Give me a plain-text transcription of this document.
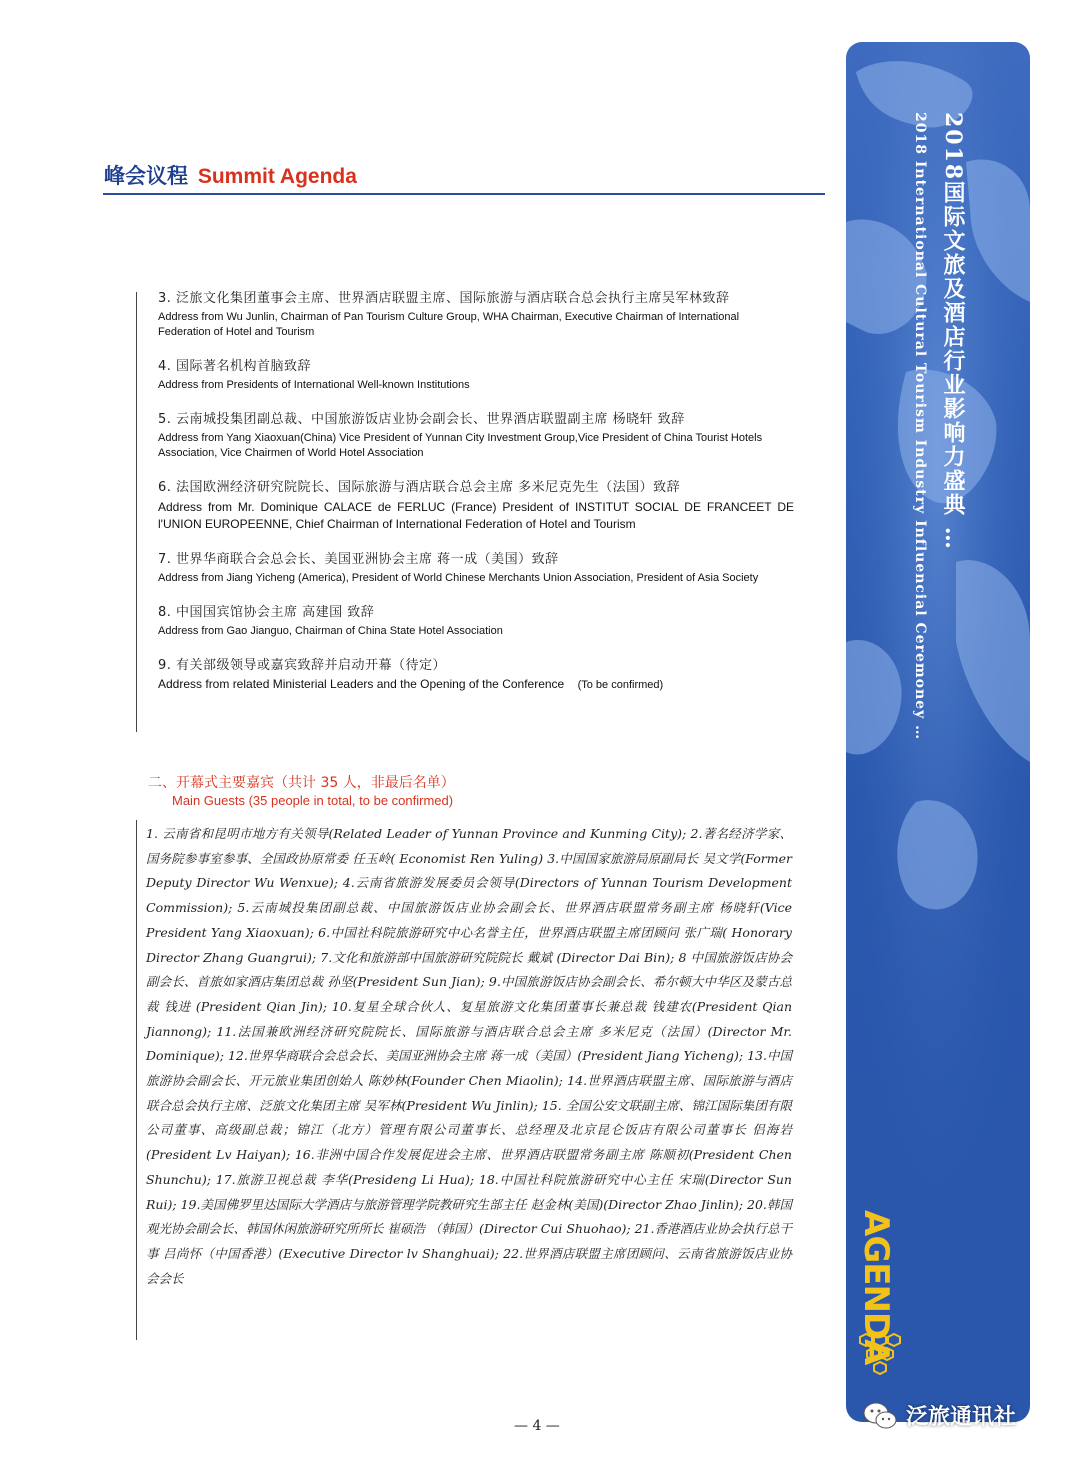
峰会议程 Summit Agenda
3. 泛旅文化集团董事会主席、世界酒店联盟主席、国际旅游与酒店联合总会执行主席吴军林致辞
Address from Wu Junlin, Chairman of Pan Tourism Culture Group, WHA Chairman, Executive Chairman of International Federation of Hotel and Tourism
4. 国际著名机构首脑致辞
Address from Presidents of International Well-known Institutions
5. 云南城投集团副总裁、中国旅游饭店业协会副会长、世界酒店联盟副主席 杨晓轩 致辞
Address from Yang Xiaoxuan(China) Vice President of Yunnan City Investment Group,Vice President of China Tourist Hotels Association, Vice Chairmen of World Hotel Association
6. 法国欧洲经济研究院院长、国际旅游与酒店联合总会主席 多米尼克先生（法国）致辞
Address from Mr. Dominique CALACE de FERLUC (France) President of INSTITUT SOCIAL DE FRANCEET DE l'UNION EUROPEENNE, Chief Chairman of International Federation of Hotel and Tourism
7. 世界华商联合会总会长、美国亚洲协会主席 蒋一成（美国）致辞
Address from Jiang Yicheng (America), President of World Chinese Merchants Union Association, President of Asia Society
8. 中国国宾馆协会主席 高建国 致辞
Address from Gao Jianguo, Chairman of China State Hotel Association
9. 有关部级领导或嘉宾致辞并启动开幕（待定）
Address from related Ministerial Leaders and the Opening of the Conference (To be confirmed)
二、开幕式主要嘉宾（共计 35 人，非最后名单）
Main Guests (35 people in total, to be confirmed)
1. 云南省和昆明市地方有关领导(Related Leader of Yunnan Province and Kunming City); 2.著名经济学家、国务院参事室参事、全国政协原常委 任玉岭( Economist Ren Yuling) 3.中国国家旅游局原副局长 吴文学(Former Deputy Director Wu Wenxue); 4.云南省旅游发展委员会领导(Directors of Yunnan Tourism Development Commission); 5.云南城投集团副总裁、中国旅游饭店业协会副会长、世界酒店联盟常务副主席 杨晓轩(Vice President Yang Xiaoxuan); 6.中国社科院旅游研究中心名誉主任，世界酒店联盟主席团顾问 张广瑞( Honorary Director Zhang Guangrui); 7.文化和旅游部中国旅游研究院院长 戴斌 (Director Dai Bin); 8 中国旅游饭店协会副会长、首旅如家酒店集团总裁 孙坚(President Sun Jian); 9.中国旅游饭店协会副会长、希尔顿大中华区及蒙古总裁 钱进 (President Qian Jin); 10.复星全球合伙人、复星旅游文化集团董事长兼总裁 钱建农(President Qian Jiannong); 11.法国兼欧洲经济研究院院长、国际旅游与酒店联合总会主席 多米尼克（法国）(Director Mr. Dominique); 12.世界华商联合会总会长、美国亚洲协会主席 蒋一成（美国）(President Jiang Yicheng); 13.中国旅游协会副会长、开元旅业集团创始人 陈妙林(Founder Chen Miaolin); 14.世界酒店联盟主席、国际旅游与酒店联合总会执行主席、泛旅文化集团主席 吴军林(President Wu Jinlin); 15. 全国公安文联副主席、锦江国际集团有限公司董事、高级副总裁；锦江（北方）管理有限公司董事长、总经理及北京昆仑饭店有限公司董事长 侣海岩 (President Lv Haiyan); 16.非洲中国合作发展促进会主席、世界酒店联盟常务副主席 陈顺初(President Chen Shunchu); 17.旅游卫视总裁 李华(Presideng Li Hua); 18.中国社科院旅游研究中心主任 宋瑞(Director Sun Rui); 19.美国佛罗里达国际大学酒店与旅游管理学院教研究生部主任 赵金林(美国)(Director Zhao Jinlin); 20.韩国观光协会副会长、韩国休闲旅游研究所所长 崔硕浩 （韩国）(Director Cui Shuohao); 21.香港酒店业协会执行总干事 吕尚怀（中国香港）(Executive Director lv Shanghuai); 22.世界酒店联盟主席团顾问、云南省旅游饭店业协会会长
— 4 —
2018国际文旅及酒店行业影响力盛典 …
2018 International Cultural Tourism Industry Influencial Ceremoney …
AGENDA
泛旅通讯社
